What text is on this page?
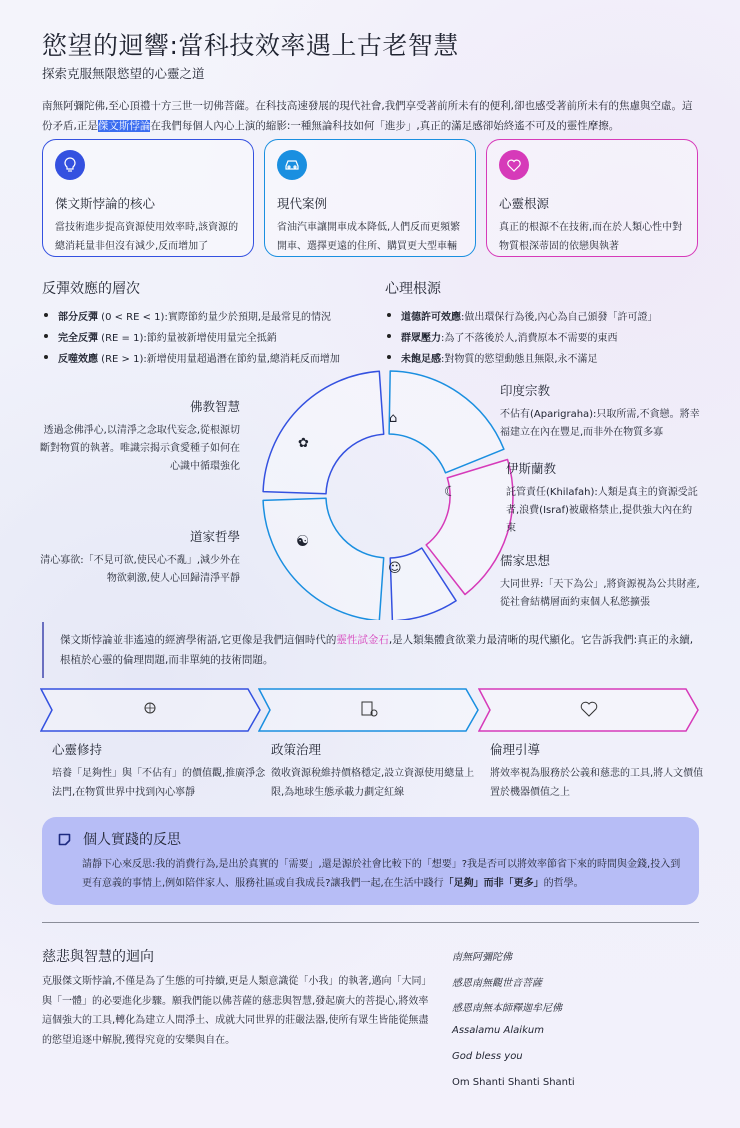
慾望的迴響:當科技效率遇上古老智慧
探索克服無限慾望的心靈之道

南無阿彌陀佛,至心頂禮十方三世一切佛菩薩。在科技高速發展的現代社會,我們享受著前所未有的便利,卻也感受著前所未有的焦慮與空虛。這份矛盾,正是傑文斯悖論在我們每個人內心上演的縮影:一種無論科技如何「進步」,真正的滿足感卻始終遙不可及的靈性摩擦。

傑文斯悖論的核心

當技術進步提高資源使用效率時,該資源的總消耗量非但沒有減少,反而增加了

現代案例

省油汽車讓開車成本降低,人們反而更頻繁開車、選擇更遠的住所、購買更大型車輛

心靈根源

真正的根源不在技術,而在於人類心性中對物質根深蒂固的依戀與執著

反彈效應的層次
部分反彈 (0 < RE < 1):實際節約量少於預期,是最常見的情況
完全反彈 (RE = 1):節約量被新增使用量完全抵銷
反噬效應 (RE > 1):新增使用量超過潛在節約量,總消耗反而增加
心理根源
道德許可效應:做出環保行為後,內心為自己頒發「許可證」
群眾壓力:為了不落後於人,消費原本不需要的東西
未飽足感:對物質的慾望動態且無限,永不滿足
✿
⌂
☾
☺
☯
佛教智慧
透過念佛淨心,以清淨之念取代妄念,從根源切斷對物質的執著。唯識宗揭示貪愛種子如何在心識中循環強化
道家哲學
清心寡欲:「不見可欲,使民心不亂」,減少外在物欲刺激,使人心回歸清淨平靜
印度宗教
不佔有(Aparigraha):只取所需,不貪戀。將幸福建立在內在豐足,而非外在物質多寡
伊斯蘭教
託管責任(Khilafah):人類是真主的資源受託者,浪費(Israf)被嚴格禁止,提供強大內在約束
儒家思想
大同世界:「天下為公」,將資源視為公共財產,從社會結構層面約束個人私慾擴張
傑文斯悖論並非遙遠的經濟學術語,它更像是我們這個時代的靈性試金石,是人類集體貪欲業力最清晰的現代顯化。它告訴我們:真正的永續,根植於心靈的倫理問題,而非單純的技術問題。
心靈修持

培養「足夠性」與「不佔有」的價值觀,推廣淨念法門,在物質世界中找到內心寧靜

政策治理

徵收資源稅維持價格穩定,設立資源使用總量上限,為地球生態承載力劃定紅線

倫理引導

將效率視為服務於公義和慈悲的工具,將人文價值置於機器價值之上

個人實踐的反思

請靜下心來反思:我的消費行為,是出於真實的「需要」,還是源於社會比較下的「想要」?我是否可以將效率節省下來的時間與金錢,投入到更有意義的事情上,例如陪伴家人、服務社區或自我成長?讓我們一起,在生活中踐行「足夠」而非「更多」的哲學。

慈悲與智慧的迴向

克服傑文斯悖論,不僅是為了生態的可持續,更是人類意識從「小我」的執著,邁向「大同」與「一體」的必要進化步驟。願我們能以佛菩薩的慈悲與智慧,發起廣大的菩提心,將效率這個強大的工具,轉化為建立人間淨土、成就大同世界的莊嚴法器,使所有眾生皆能從無盡的慾望追逐中解脫,獲得究竟的安樂與自在。

南無阿彌陀佛
感恩南無觀世音菩薩
感恩南無本師釋迦牟尼佛
Assalamu Alaikum
God bless you
Om Shanti Shanti Shanti
